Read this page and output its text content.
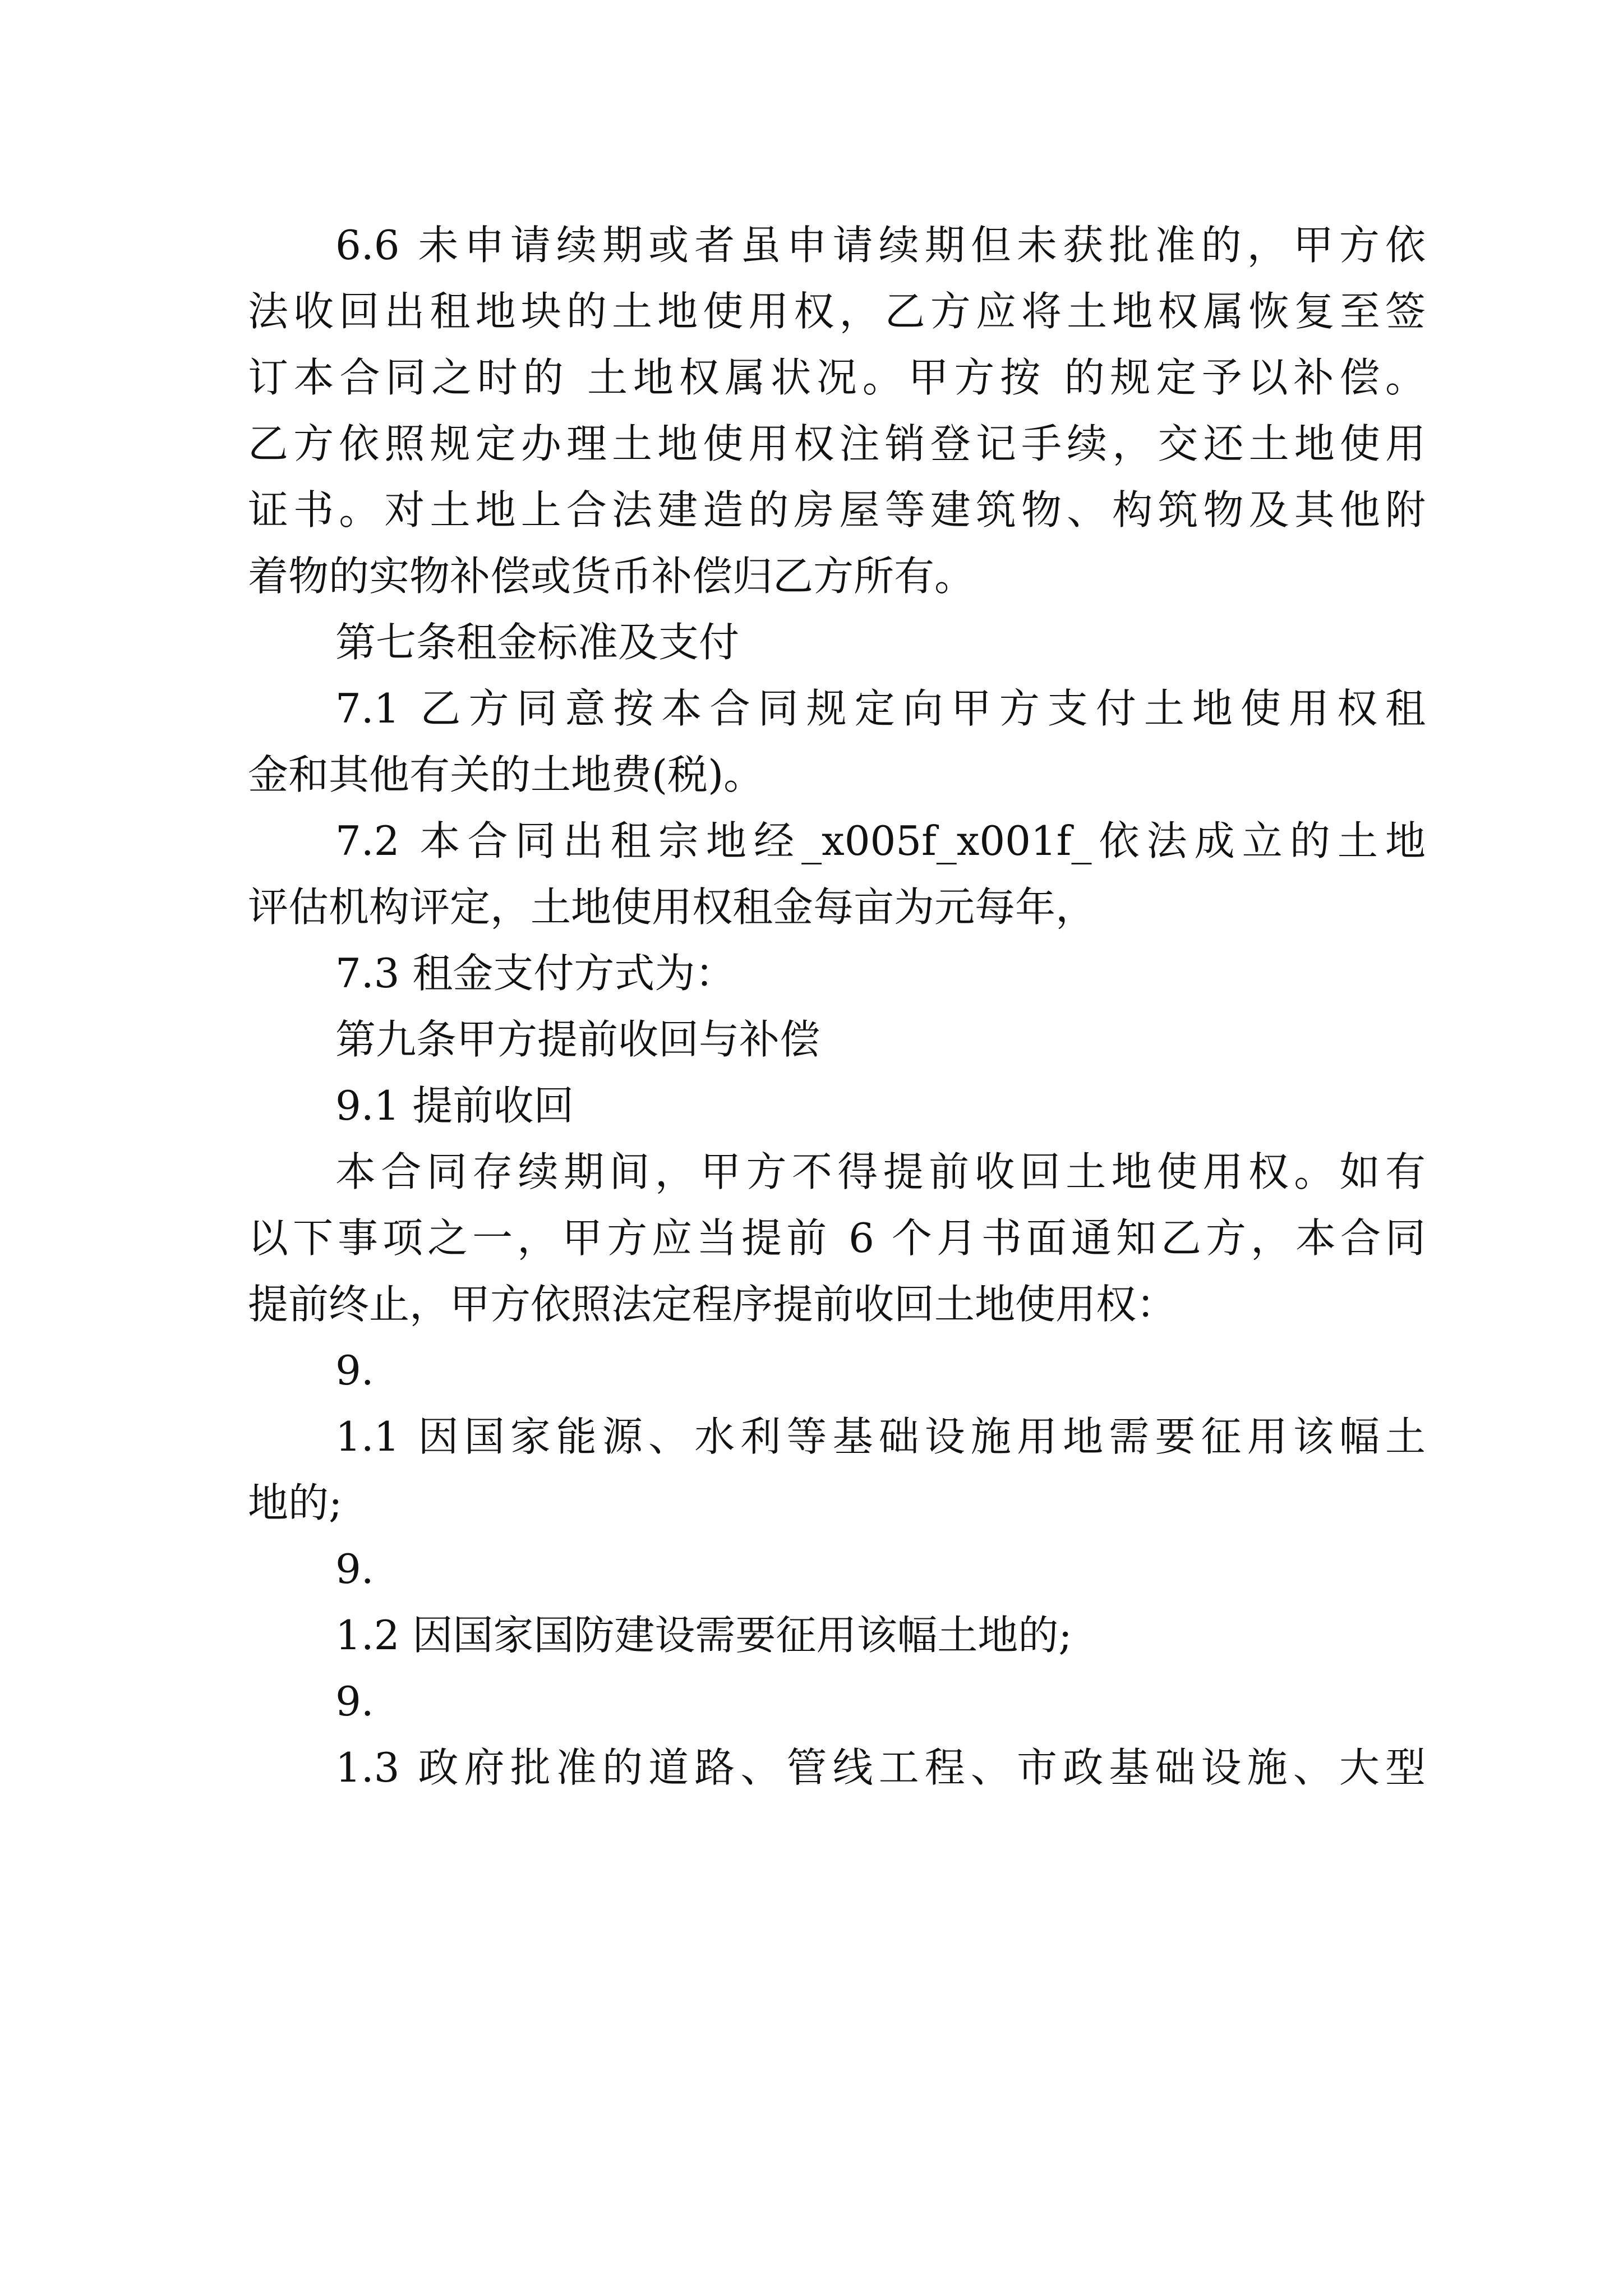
6.6 未申请续期或者虽申请续期但未获批准的，甲方依
法收回出租地块的土地使用权，乙方应将土地权属恢复至签
订本合同之时的 土地权属状况。甲方按 的规定予以补偿。
乙方依照规定办理土地使用权注销登记手续，交还土地使用
证书。对土地上合法建造的房屋等建筑物、构筑物及其他附
着物的实物补偿或货币补偿归乙方所有。
第七条租金标准及支付
7.1 乙方同意按本合同规定向甲方支付土地使用权租
金和其他有关的土地费(税)。
7.2 本合同出租宗地经_x005f_x001f_依法成立的土地
评估机构评定，土地使用权租金每亩为元每年，
7.3 租金支付方式为：
第九条甲方提前收回与补偿
9.1 提前收回
本合同存续期间，甲方不得提前收回土地使用权。如有
以下事项之一，甲方应当提前 6 个月书面通知乙方，本合同
提前终止，甲方依照法定程序提前收回土地使用权：
9.
1.1 因国家能源、水利等基础设施用地需要征用该幅土
地的;
9.
1.2 因国家国防建设需要征用该幅土地的;
9.
1.3 政府批准的道路、管线工程、市政基础设施、大型
